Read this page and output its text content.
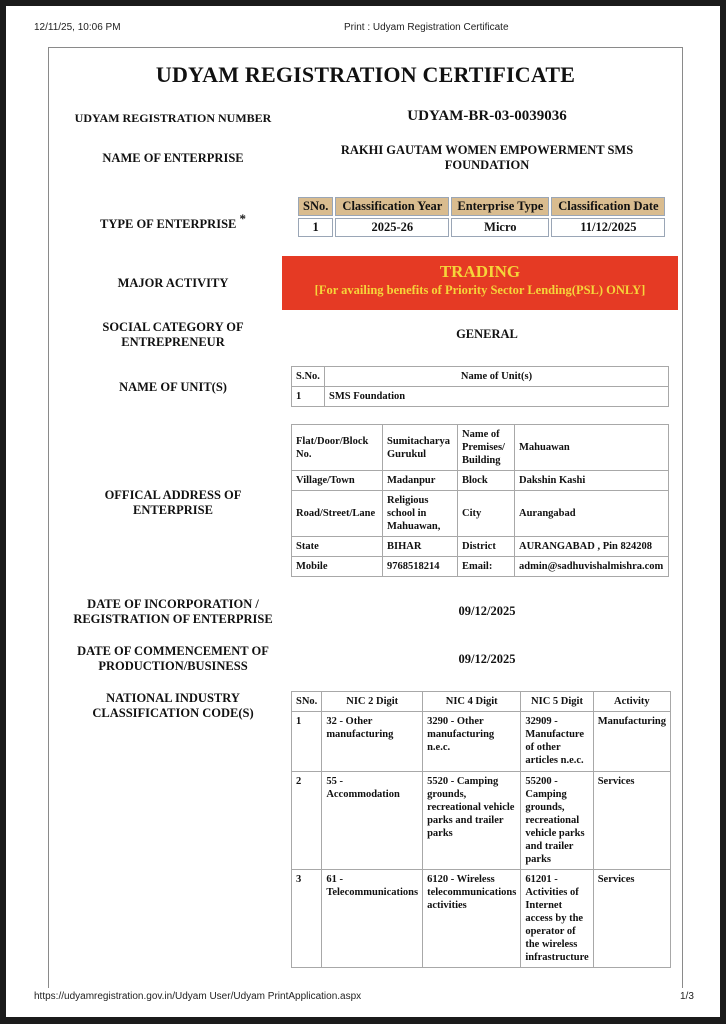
12/11/25, 10:06 PM	Print : Udyam Registration Certificate
UDYAM REGISTRATION CERTIFICATE
UDYAM REGISTRATION NUMBER	UDYAM-BR-03-0039036
NAME OF ENTERPRISE
RAKHI GAUTAM WOMEN EMPOWERMENT SMS
FOUNDATION
TYPE OF ENTERPRISE *
SNo.	Classification Year	Enterprise Type	Classification Date
1	2025-26	Micro	11/12/2025
MAJOR ACTIVITY
TRADING
[For availing benefits of Priority Sector Lending(PSL) ONLY]
SOCIAL CATEGORY OF
ENTREPRENEUR
GENERAL
NAME OF UNIT(S)
S.No.	Name of Unit(s)
1	SMS Foundation
OFFICAL ADDRESS OF
ENTERPRISE
Flat/Door/Block No.	Sumitacharya Gurukul	Name of Premises/ Building	Mahuawan
Village/Town	Madanpur	Block	Dakshin Kashi
Road/Street/Lane	Religious school in Mahuawan,	City	Aurangabad
State	BIHAR	District	AURANGABAD , Pin 824208
Mobile	9768518214	Email:	admin@sadhuvishalmishra.com
DATE OF INCORPORATION /
REGISTRATION OF ENTERPRISE
09/12/2025
DATE OF COMMENCEMENT OF
PRODUCTION/BUSINESS	09/12/2025
NATIONAL INDUSTRY
CLASSIFICATION CODE(S)
SNo.	NIC 2 Digit	NIC 4 Digit	NIC 5 Digit	Activity
1	32 - Other manufacturing	3290 - Other manufacturing n.e.c.	32909 - Manufacture of other articles n.e.c.	Manufacturing
2	55 - Accommodation	5520 - Camping grounds, recreational vehicle parks and trailer parks	55200 - Camping grounds, recreational vehicle parks and trailer parks	Services
3	61 - Telecommunications	6120 - Wireless telecommunications activities	61201 - Activities of Internet access by the operator of the wireless infrastructure	Services
https://udyamregistration.gov.in/Udyam User/Udyam PrintApplication.aspx	1/3
